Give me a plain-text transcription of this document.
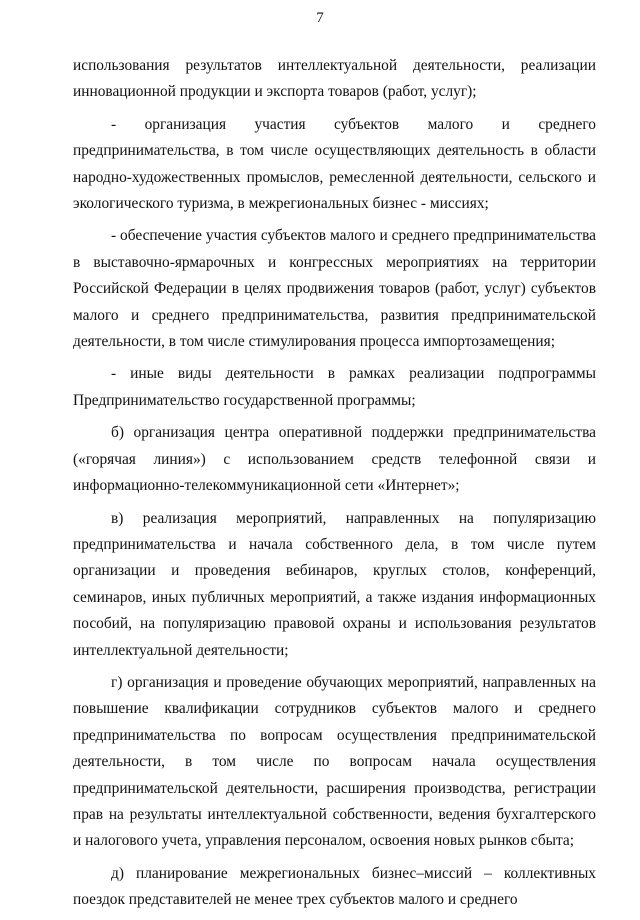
7

использования результатов интеллектуальной деятельности, реализации инновационной продукции и экспорта товаров (работ, услуг);

- организация участия субъектов малого и среднего предпринимательства, в том числе осуществляющих деятельность в области народно-художественных промыслов, ремесленной деятельности, сельского и экологического туризма, в межрегиональных бизнес - миссиях;

- обеспечение участия субъектов малого и среднего предпринимательства в выставочно-ярмарочных и конгрессных мероприятиях на территории Российской Федерации в целях продвижения товаров (работ, услуг) субъектов малого и среднего предпринимательства, развития предпринимательской деятельности, в том числе стимулирования процесса импортозамещения;

- иные виды деятельности в рамках реализации подпрограммы Предпринимательство государственной программы;

б) организация центра оперативной поддержки предпринимательства («горячая линия») с использованием средств телефонной связи и информационно-телекоммуникационной сети «Интернет»;

в) реализация мероприятий, направленных на популяризацию предпринимательства и начала собственного дела, в том числе путем организации и проведения вебинаров, круглых столов, конференций, семинаров, иных публичных мероприятий, а также издания информационных пособий, на популяризацию правовой охраны и использования результатов интеллектуальной деятельности;

г) организация и проведение обучающих мероприятий, направленных на повышение квалификации сотрудников субъектов малого и среднего предпринимательства по вопросам осуществления предпринимательской деятельности, в том числе по вопросам начала осуществления предпринимательской деятельности, расширения производства, регистрации прав на результаты интеллектуальной собственности, ведения бухгалтерского и налогового учета, управления персоналом, освоения новых рынков сбыта;

д) планирование межрегиональных бизнес–миссий – коллективных поездок представителей не менее трех субъектов малого и среднего
